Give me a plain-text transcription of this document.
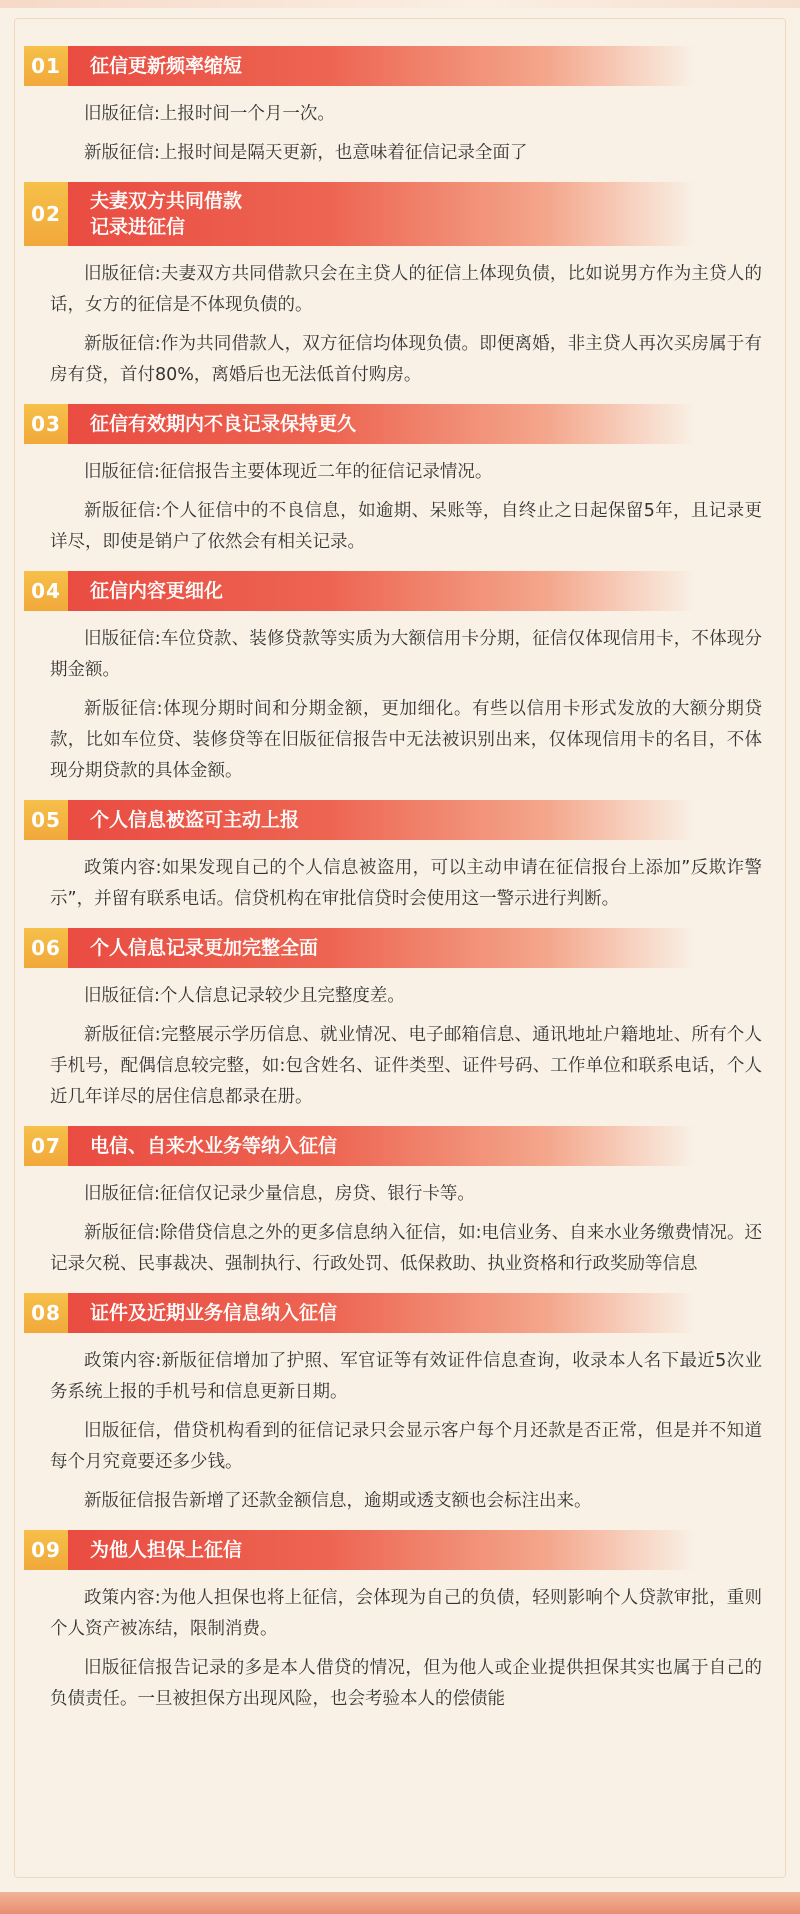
01	征信更新频率缩短

旧版征信:上报时间一个月一次。

新版征信:上报时间是隔天更新，也意味着征信记录全面了

02
夫妻双方共同借款
记录进征信

旧版征信:夫妻双方共同借款只会在主贷人的征信上体现负债，比如说男方作为主贷人的话，女方的征信是不体现负债的。

新版征信:作为共同借款人，双方征信均体现负债。即便离婚，非主贷人再次买房属于有房有贷，首付80%，离婚后也无法低首付购房。

03	征信有效期内不良记录保持更久

旧版征信:征信报告主要体现近二年的征信记录情况。

新版征信:个人征信中的不良信息，如逾期、呆账等，自终止之日起保留5年，且记录更详尽，即使是销户了依然会有相关记录。

04	征信内容更细化

旧版征信:车位贷款、装修贷款等实质为大额信用卡分期，征信仅体现信用卡，不体现分期金额。

新版征信:体现分期时间和分期金额，更加细化。有些以信用卡形式发放的大额分期贷款，比如车位贷、装修贷等在旧版征信报告中无法被识别出来，仅体现信用卡的名目，不体现分期贷款的具体金额。

05	个人信息被盗可主动上报

政策内容:如果发现自己的个人信息被盗用，可以主动申请在征信报台上添加”反欺诈警示”，并留有联系电话。信贷机构在审批信贷时会使用这一警示进行判断。

06	个人信息记录更加完整全面

旧版征信:个人信息记录较少且完整度差。

新版征信:完整展示学历信息、就业情况、电子邮箱信息、通讯地址户籍地址、所有个人手机号，配偶信息较完整，如:包含姓名、证件类型、证件号码、工作单位和联系电话，个人近几年详尽的居住信息都录在册。

07	电信、自来水业务等纳入征信

旧版征信:征信仅记录少量信息，房贷、银行卡等。

新版征信:除借贷信息之外的更多信息纳入征信，如:电信业务、自来水业务缴费情况。还记录欠税、民事裁决、强制执行、行政处罚、低保救助、执业资格和行政奖励等信息

08	证件及近期业务信息纳入征信

政策内容:新版征信增加了护照、军官证等有效证件信息查询，收录本人名下最近5次业务系统上报的手机号和信息更新日期。

旧版征信，借贷机构看到的征信记录只会显示客户每个月还款是否正常，但是并不知道每个月究竟要还多少钱。

新版征信报告新增了还款金额信息，逾期或透支额也会标注出来。

09	为他人担保上征信

政策内容:为他人担保也将上征信，会体现为自己的负债，轻则影响个人贷款审批，重则个人资产被冻结，限制消费。

旧版征信报告记录的多是本人借贷的情况，但为他人或企业提供担保其实也属于自己的负债责任。一旦被担保方出现风险，也会考验本人的偿债能
